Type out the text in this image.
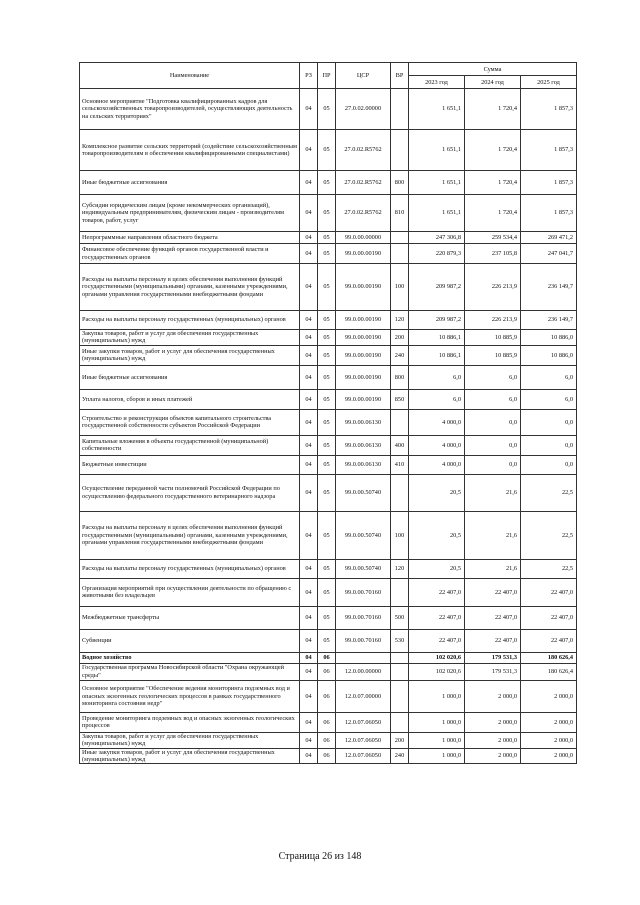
Наименование	РЗ	ПР	ЦСР	ВР	Сумма		
					2023 год	2024 год	2025 год
Основное мероприятие "Подготовка квалифицированных кадров для сельскохозяйственных товаропроизводителей, осуществляющих деятельность на сельских территориях"	04	05	27.0.02.00000		1 651,1	1 720,4	1 857,3
Комплексное развитие сельских территорий (содействие сельскохозяйственным товаропроизводителям в обеспечении квалифицированными специалистами)	04	05	27.0.02.R5762		1 651,1	1 720,4	1 857,3
Иные бюджетные ассигнования	04	05	27.0.02.R5762	800	1 651,1	1 720,4	1 857,3
Субсидии юридическим лицам (кроме некоммерческих организаций), индивидуальным предпринимателям, физическим лицам - производителям товаров, работ, услуг	04	05	27.0.02.R5762	810	1 651,1	1 720,4	1 857,3
Непрограммные направления областного бюджета	04	05	99.0.00.00000		247 306,8	259 534,4	269 471,2
Финансовое обеспечение функций органов государственной власти и государственных органов	04	05	99.0.00.00190		220 879,3	237 105,8	247 041,7
Расходы на выплаты персоналу в целях обеспечения выполнения функций государственными (муниципальными) органами, казенными учреждениями, органами управления государственными внебюджетными фондами	04	05	99.0.00.00190	100	209 987,2	226 213,9	236 149,7
Расходы на выплаты персоналу государственных (муниципальных) органов	04	05	99.0.00.00190	120	209 987,2	226 213,9	236 149,7
Закупка товаров, работ и услуг для обеспечения государственных (муниципальных) нужд	04	05	99.0.00.00190	200	10 886,1	10 885,9	10 886,0
Иные закупки товаров, работ и услуг для обеспечения государственных (муниципальных) нужд	04	05	99.0.00.00190	240	10 886,1	10 885,9	10 886,0
Иные бюджетные ассигнования	04	05	99.0.00.00190	800	6,0	6,0	6,0
Уплата налогов, сборов и иных платежей	04	05	99.0.00.00190	850	6,0	6,0	6,0
Строительство и реконструкция объектов капитального строительства государственной собственности субъектов Российской Федерации	04	05	99.0.00.06130		4 000,0	0,0	0,0
Капитальные вложения в объекты государственной (муниципальной) собственности	04	05	99.0.00.06130	400	4 000,0	0,0	0,0
Бюджетные инвестиции	04	05	99.0.00.06130	410	4 000,0	0,0	0,0
Осуществление переданной части полномочий Российской Федерации по осуществлению федерального государственного ветеринарного надзора	04	05	99.0.00.50740		20,5	21,6	22,5
Расходы на выплаты персоналу в целях обеспечения выполнения функций государственными (муниципальными) органами, казенными учреждениями, органами управления государственными внебюджетными фондами	04	05	99.0.00.50740	100	20,5	21,6	22,5
Расходы на выплаты персоналу государственных (муниципальных) органов	04	05	99.0.00.50740	120	20,5	21,6	22,5
Организация мероприятий при осуществлении деятельности по обращению с животными без владельцев	04	05	99.0.00.70160		22 407,0	22 407,0	22 407,0
Межбюджетные трансферты	04	05	99.0.00.70160	500	22 407,0	22 407,0	22 407,0
Субвенции	04	05	99.0.00.70160	530	22 407,0	22 407,0	22 407,0
Водное хозяйство	04	06			102 020,6	179 531,3	180 626,4
Государственная программа Новосибирской области "Охрана окружающей среды"	04	06	12.0.00.00000		102 020,6	179 531,3	180 626,4
Основное мероприятие "Обеспечение ведения мониторинга подземных вод и опасных экзогенных геологических процессов в рамках государственного мониторинга состояния недр"	04	06	12.0.07.00000		1 000,0	2 000,0	2 000,0
Проведение мониторинга подземных вод и опасных экзогенных геологических процессов	04	06	12.0.07.06050		1 000,0	2 000,0	2 000,0
Закупка товаров, работ и услуг для обеспечения государственных (муниципальных) нужд	04	06	12.0.07.06050	200	1 000,0	2 000,0	2 000,0
Иные закупки товаров, работ и услуг для обеспечения государственных (муниципальных) нужд	04	06	12.0.07.06050	240	1 000,0	2 000,0	2 000,0
Страница 26 из 148
